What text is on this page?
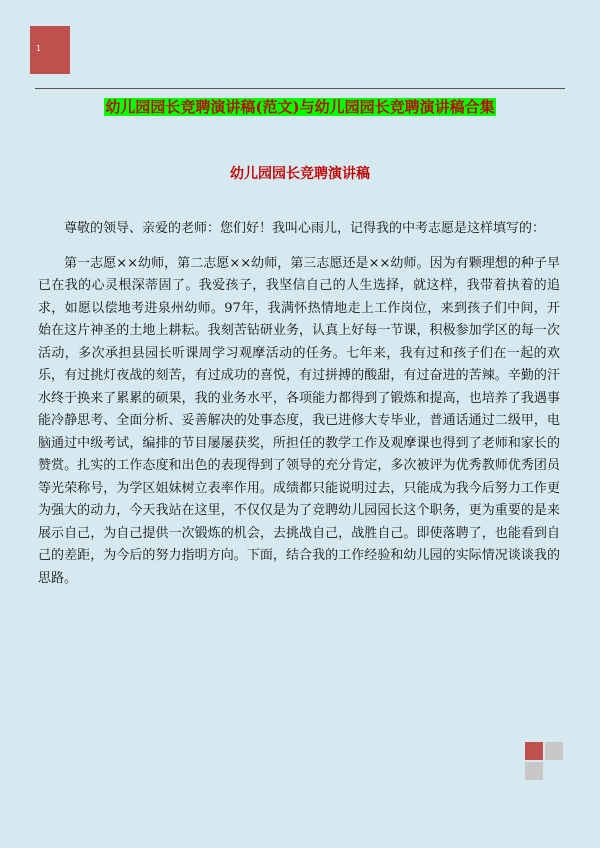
1
幼儿园园长竞聘演讲稿(范文)与幼儿园园长竞聘演讲稿合集
幼儿园园长竞聘演讲稿

尊敬的领导、亲爱的老师：您们好！我叫心雨儿，记得我的中考志愿是这样填写的：

第一志愿××幼师，第二志愿××幼师，第三志愿还是××幼师。因为有颗理想的种子早已在我的心灵根深蒂固了。我爱孩子，我坚信自己的人生选择，就这样，我带着执着的追求，如愿以偿地考进泉州幼师。97年，我满怀热情地走上工作岗位，来到孩子们中间，开始在这片神圣的土地上耕耘。我刻苦钻研业务，认真上好每一节课，积极参加学区的每一次活动，多次承担县园长听课周学习观摩活动的任务。七年来，我有过和孩子们在一起的欢乐，有过挑灯夜战的刻苦，有过成功的喜悦，有过拼搏的酸甜，有过奋进的苦辣。辛勤的汗水终于换来了累累的硕果，我的业务水平，各项能力都得到了锻炼和提高，也培养了我遇事能冷静思考、全面分析、妥善解决的处事态度，我已进修大专毕业，普通话通过二级甲，电脑通过中级考试，编排的节目屡屡获奖，所担任的教学工作及观摩课也得到了老师和家长的赞赏。扎实的工作态度和出色的表现得到了领导的充分肯定，多次被评为优秀教师优秀团员等光荣称号，为学区姐妹树立表率作用。成绩都只能说明过去，只能成为我今后努力工作更为强大的动力，今天我站在这里，不仅仅是为了竞聘幼儿园园长这个职务，更为重要的是来展示自己，为自己提供一次锻炼的机会，去挑战自己，战胜自己。即使落聘了，也能看到自己的差距，为今后的努力指明方向。下面，结合我的工作经验和幼儿园的实际情况谈谈我的思路。
